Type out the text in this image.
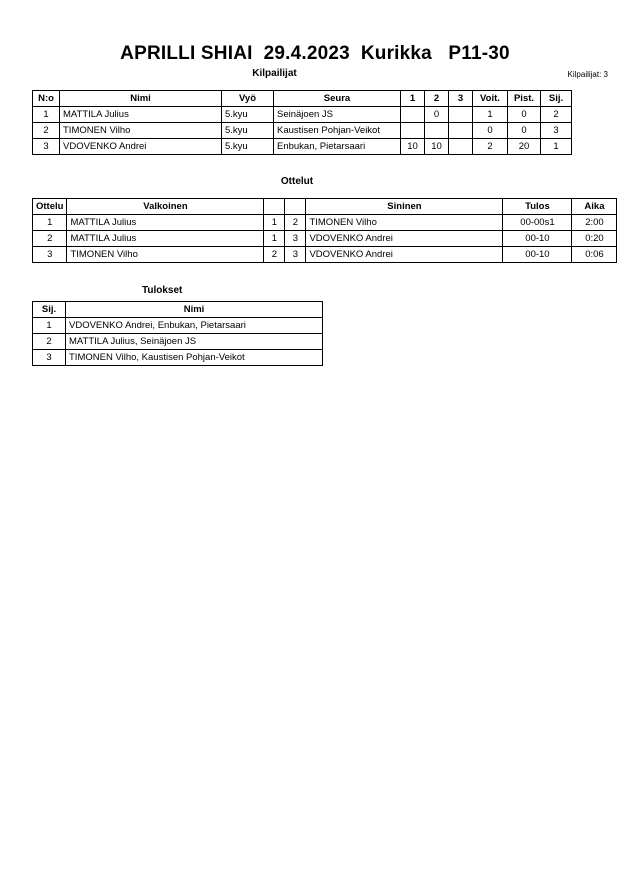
APRILLI SHIAI  29.4.2023  Kurikka   P11-30
Kilpailijat: 3
Kilpailijat
N:o	Nimi	Vyö	Seura	1	2	3	Voit.	Pist.	Sij.
1	MATTILA Julius	5.kyu	Seinäjoen JS		0		1	0	2
2	TIMONEN Vilho	5.kyu	Kaustisen Pohjan-Veikot				0	0	3
3	VDOVENKO Andrei	5.kyu	Enbukan, Pietarsaari	10	10		2	20	1
Ottelut
Ottelu	Valkoinen			Sininen	Tulos	Aika
1	MATTILA Julius	1	2	TIMONEN Vilho	00-00s1	2:00
2	MATTILA Julius	1	3	VDOVENKO Andrei	00-10	0:20
3	TIMONEN Vilho	2	3	VDOVENKO Andrei	00-10	0:06
Tulokset
Sij.	Nimi
1	VDOVENKO Andrei, Enbukan, Pietarsaari
2	MATTILA Julius, Seinäjoen JS
3	TIMONEN Vilho, Kaustisen Pohjan-Veikot
